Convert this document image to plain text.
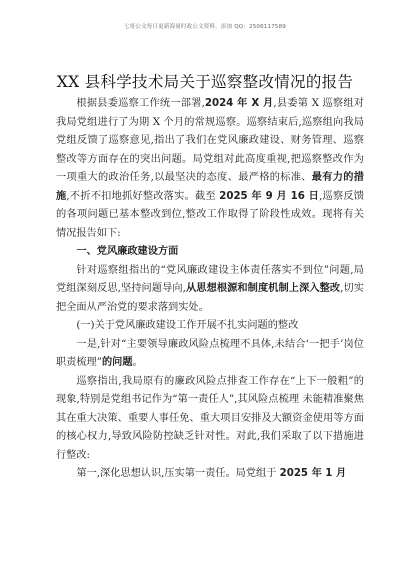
七哥公文每日更新海量时政公文资料，添加 QQ：2506117589
XX 县科学技术局关于巡察整改情况的报告

根据县委巡察工作统一部署,2024 年 X 月,县委第 X 巡察组对我局党组进行了为期 X 个月的常规巡察。巡察结束后,巡察组向我局党组反馈了巡察意见,指出了我们在党风廉政建设、财务管理、巡察整改等方面存在的突出问题。局党组对此高度重视,把巡察整改作为一项重大的政治任务,以最坚决的态度、最严格的标准、最有力的措施,不折不扣地抓好整改落实。截至 2025 年 9 月 16 日,巡察反馈的各项问题已基本整改到位,整改工作取得了阶段性成效。现将有关情况报告如下:

一、党风廉政建设方面

针对巡察组指出的“党风廉政建设主体责任落实不到位”问题,局党组深刻反思,坚持问题导向,从思想根源和制度机制上深入整改,切实把全面从严治党的要求落到实处。

(一)关于党风廉政建设工作开展不扎实问题的整改

一是,针对“主要领导廉政风险点梳理不具体,未结合‘一把手’岗位职责梳理”的问题。

巡察指出,我局原有的廉政风险点排查工作存在“上下一般粗”的现象,特别是党组书记作为“第一责任人”,其风险点梳理 未能精准聚焦其在重大决策、重要人事任免、重大项目安排及大额资金使用等方面的核心权力,导致风险防控缺乏针对性。对此,我们采取了以下措施进行整改:

第一,深化思想认识,压实第一责任。局党组于 2025 年 1 月
